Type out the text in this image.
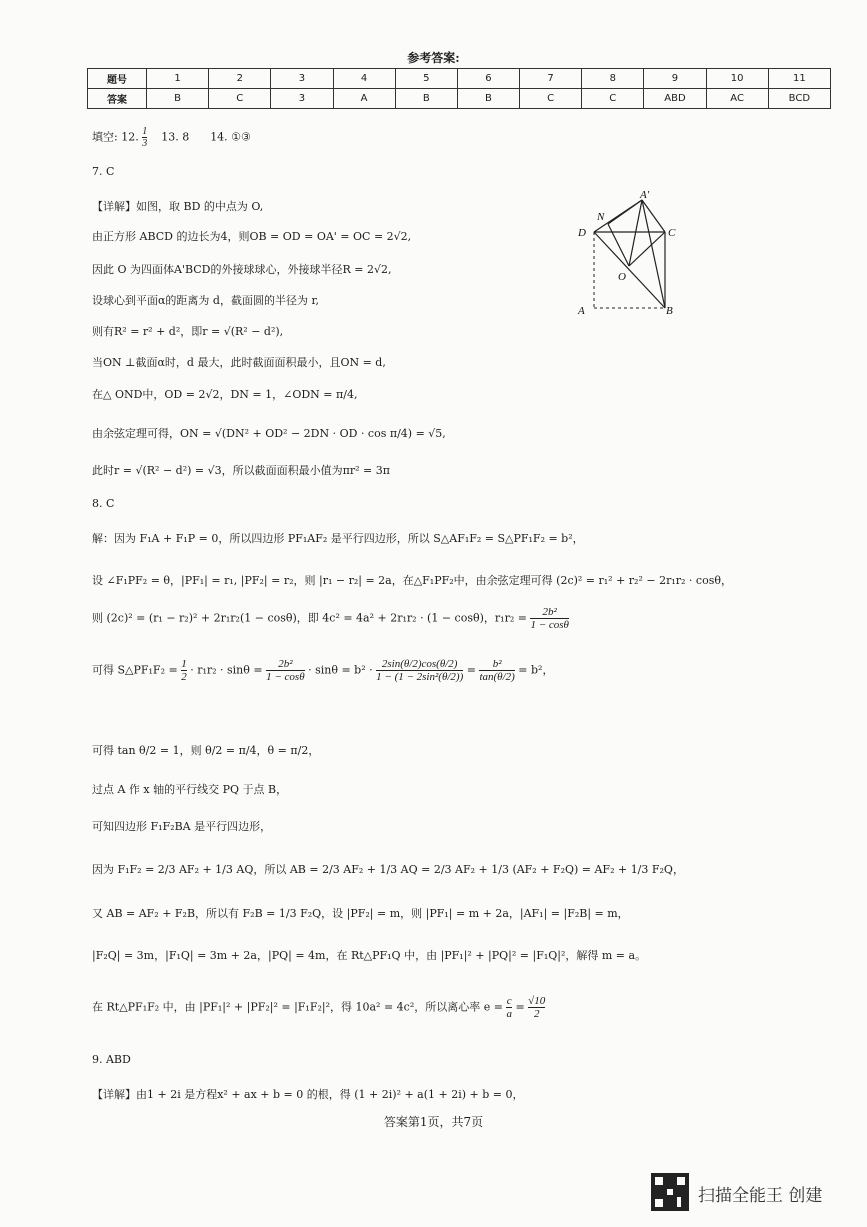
参考答案:
题号	1	2	3	4	5	6	7	8	9	10	11
答案	B	C	3	A	B	B	C	C	ABD	AC	BCD
填空: 12. $\frac{1}{3} 13$. 8 14. ①③
7. C
【详解】如图，取 BD 的中点为 O,
由正方形 ABCD 的边长为4，则OB = OD = OA' = OC = 2√2,
因此 O 为四面体A'BCD的外接球球心，外接球半径R = 2√2,
设球心到平面α的距离为 d，截面圆的半径为 r,
则有R² = r² + d²，即r = √(R² − d²),
当ON ⊥截面α时，d 最大，此时截面面积最小，且ON = d,
在△ OND中，OD = 2√2，DN = 1，∠ODN = π/4,
由余弦定理可得，ON = √(DN² + OD² − 2DN · OD · cos π/4) = √5,
此时r = √(R² − d²) = √3，所以截面面积最小值为πr² = 3π
A'
N
D	C
O
A	B
8. C
解：因为 F₁A + F₁P = 0，所以四边形 PF₁AF₂ 是平行四边形，所以 S△AF₁F₂ = S△PF₁F₂ = b²，
设 ∠F₁PF₂ = θ，|PF₁| = r₁, |PF₂| = r₂，则 |r₁ − r₂| = 2a，在△F₁PF₂中，由余弦定理可得 (2c)² = r₁² + r₂² − 2r₁r₂ · cosθ，
则 (2c)² = (r₁ − r₂)² + 2r₁r₂(1 − cosθ)，即 4c² = 4a² + 2r₁r₂ · (1 − cosθ)，$r_1r_2 = \frac{\text{2b²}}{1 - \cos\theta}$
可得 S△PF₁F₂ = $\frac{1}{2} \cdot r_1r_2 \cdot \sin\theta = \frac{\text{2b²}}{1 - \cos\theta} \cdot \sin\theta = b^2 \cdot \frac{2\sin(\theta/2)\cos(\theta/2)}{\text{1 − (1 − 2sin²(θ/2))}} = \frac{\text{b²}}{\tan(\theta/2)} = b^2$，
可得 tan θ/2 = 1，则 θ/2 = π/4，θ = π/2，
过点 A 作 x 轴的平行线交 PQ 于点 B，
可知四边形 F₁F₂BA 是平行四边形，
因为 F₁F₂ = 2/3 AF₂ + 1/3 AQ，所以 AB = 2/3 AF₂ + 1/3 AQ = 2/3 AF₂ + 1/3 (AF₂ + F₂Q) = AF₂ + 1/3 F₂Q，
又 AB = AF₂ + F₂B，所以有 F₂B = 1/3 F₂Q，设 |PF₂| = m，则 |PF₁| = m + 2a，|AF₁| = |F₂B| = m，
|F₂Q| = 3m，|F₁Q| = 3m + 2a，|PQ| = 4m，在 Rt△PF₁Q 中，由 |PF₁|² + |PQ|² = |F₁Q|²，解得 m = a。
在 Rt△PF₁F₂ 中，由 |PF₁|² + |PF₂|² = |F₁F₂|²，得 10a² = 4c²，所以离心率 $e = \frac{c}{a} = \frac{√10}{2}$
9. ABD
【详解】由1 + 2i 是方程x² + ax + b = 0 的根，得 (1 + 2i)² + a(1 + 2i) + b = 0，
答案第1页，共7页
扫描全能王 创建
